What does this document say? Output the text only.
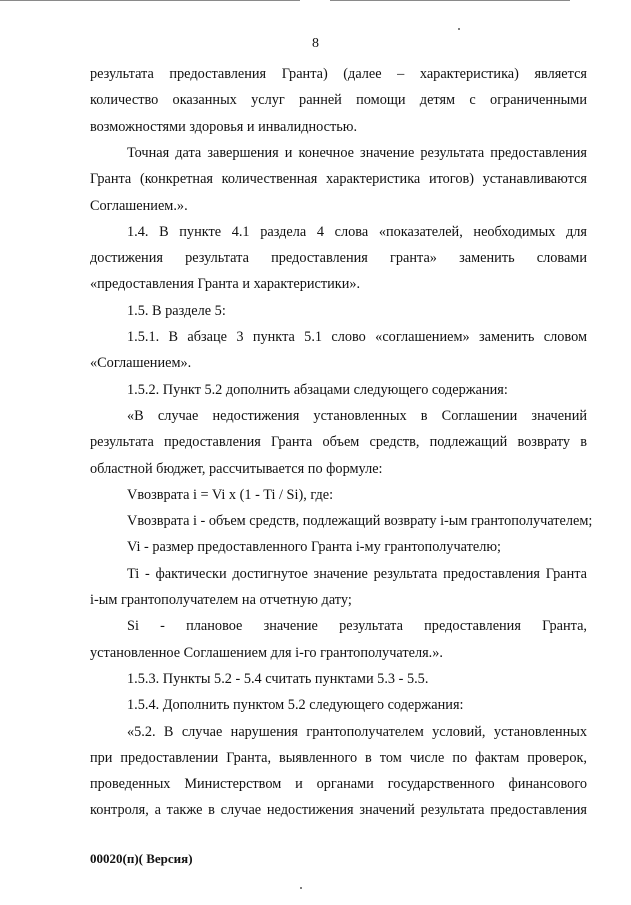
8
результата предоставления Гранта) (далее – характеристика) является
количество оказанных услуг ранней помощи детям с ограниченными
возможностями здоровья и инвалидностью.
Точная дата завершения и конечное значение результата предоставления
Гранта (конкретная количественная характеристика итогов) устанавливаются
Соглашением.».
1.4. В пункте 4.1 раздела 4 слова «показателей, необходимых для
достижения результата предоставления гранта» заменить словами
«предоставления Гранта и характеристики».
1.5. В разделе 5:
1.5.1. В абзаце 3 пункта 5.1 слово «соглашением» заменить словом
«Соглашением».
1.5.2. Пункт 5.2 дополнить абзацами следующего содержания:
«В случае недостижения установленных в Соглашении значений
результата предоставления Гранта объем средств, подлежащий возврату в
областной бюджет, рассчитывается по формуле:
Vвозврата i = Vi x (1 - Ti / Si), где:
Vвозврата i - объем средств, подлежащий возврату i-ым грантополучателем;
Vi - размер предоставленного Гранта i-му грантополучателю;
Ti - фактически достигнутое значение результата предоставления Гранта
i-ым грантополучателем на отчетную дату;
Si - плановое значение результата предоставления Гранта,
установленное Соглашением для i-го грантополучателя.».
1.5.3. Пункты 5.2 - 5.4 считать пунктами 5.3 - 5.5.
1.5.4. Дополнить пунктом 5.2 следующего содержания:
«5.2. В случае нарушения грантополучателем условий, установленных
при предоставлении Гранта, выявленного в том числе по фактам проверок,
проведенных Министерством и органами государственного финансового
контроля, а также в случае недостижения значений результата предоставления
00020(п)( Версия)
